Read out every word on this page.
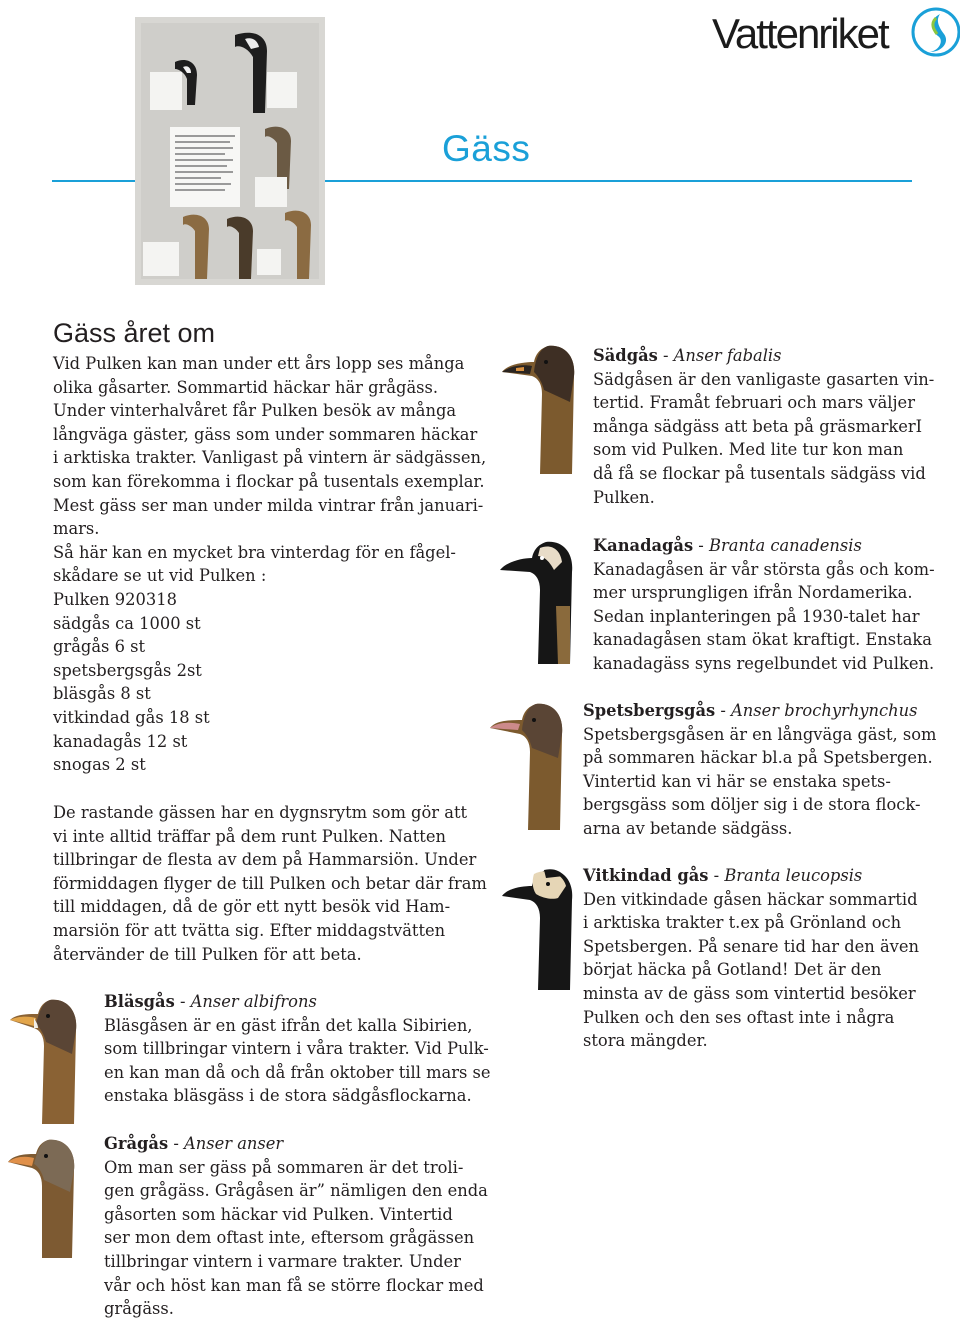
Vattenriket
Gäss
Gäss året om
Vid Pulken kan man under ett års lopp ses många
olika gåsarter. Sommartid häckar här grågäss.
Under vinterhalvåret får Pulken besök av många
långväga gäster, gäss som under sommaren häckar
i arktiska trakter. Vanligast på vintern är sädgässen,
som kan förekomma i flockar på tusentals exemplar.
Mest gäss ser man under milda vintrar från januari-
mars.
Så här kan en mycket bra vinterdag för en fågel-
skådare se ut vid Pulken :
Pulken 920318
sädgås ca 1000 st
grågås 6 st
spetsbergsgås 2st
bläsgås 8 st
vitkindad gås 18 st
kanadagås 12 st
snogas 2 st
De rastande gässen har en dygnsrytm som gör att
vi inte alltid träffar på dem runt Pulken. Natten
tillbringar de flesta av dem på Hammarsiön. Under
förmiddagen flyger de till Pulken och betar där fram
till middagen, då de gör ett nytt besök vid Ham-
marsiön för att tvätta sig. Efter middagstvätten
återvänder de till Pulken för att beta.
Bläsgås - Anser albifrons
Bläsgåsen är en gäst ifrån det kalla Sibirien,
som tillbringar vintern i våra trakter. Vid Pulk-
en kan man då och då från oktober till mars se
enstaka bläsgäss i de stora sädgåsflockarna.
Grågås - Anser anser
Om man ser gäss på sommaren är det troli-
gen grågäss. Grågåsen är” nämligen den enda
gåsorten som häckar vid Pulken. Vintertid
ser mon dem oftast inte, eftersom grågässen
tillbringar vintern i varmare trakter. Under
vår och höst kan man få se större flockar med
grågäss.
Sädgås - Anser fabalis
Sädgåsen är den vanligaste gasarten vin-
tertid. Framåt februari och mars väljer
många sädgäss att beta på gräsmarkerI
som vid Pulken. Med lite tur kon man
då få se flockar på tusentals sädgäss vid
Pulken.
Kanadagås - Branta canadensis
Kanadagåsen är vår största gås och kom-
mer ursprungligen ifrån Nordamerika.
Sedan inplanteringen på 1930-talet har
kanadagåsen stam ökat kraftigt. Enstaka
kanadagäss syns regelbundet vid Pulken.
Spetsbergsgås - Anser brochyrhynchus
Spetsbergsgåsen är en långväga gäst, som
på sommaren häckar bl.a på Spetsbergen.
Vintertid kan vi här se enstaka spets-
bergsgäss som döljer sig i de stora flock-
arna av betande sädgäss.
Vitkindad gås - Branta leucopsis
Den vitkindade gåsen häckar sommartid
i arktiska trakter t.ex på Grönland och
Spetsbergen. På senare tid har den även
börjat häcka på Gotland! Det är den
minsta av de gäss som vintertid besöker
Pulken och den ses oftast inte i några
stora mängder.
